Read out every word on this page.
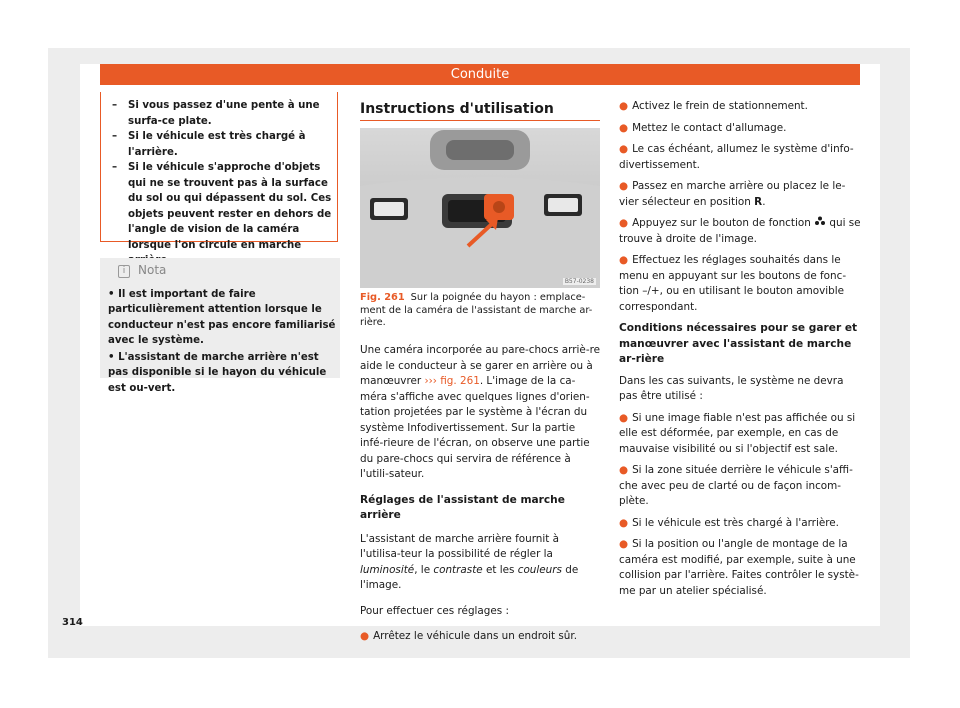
Conduite
– Si vous passez d'une pente à une surfa-ce plate.
– Si le véhicule est très chargé à l'arrière.
– Si le véhicule s'approche d'objets qui ne se trouvent pas à la surface du sol ou qui dépassent du sol. Ces objets peuvent rester en dehors de l'angle de vision de la caméra lorsque l'on circule en marche
i Nota
• Il est important de faire particulièrement attention lorsque le conducteur n'est pas encore familiarisé avec le système.
• L'assistant de marche arrière n'est pas disponible si le hayon du véhicule est ou-vert.
Instructions d'utilisation
B57-0238
Fig. 261 Sur la poignée du hayon : emplace-ment de la caméra de l'assistant de marche ar-rière.

Une caméra incorporée au pare-chocs arriè-re aide le conducteur à se garer en arrière ou à manœuvrer ››› fig. 261. L'image de la ca-méra s'affiche avec quelques lignes d'orien-tation projetées par le système à l'écran du système Infodivertissement. Sur la partie infé-rieure de l'écran, on observe une partie du pare-chocs qui servira de référence à l'utili-sateur.

Réglages de l'assistant de marche arrière

L'assistant de marche arrière fournit à l'utilisa-teur la possibilité de régler la luminosité, le contraste et les couleurs de l'image.

Pour effectuer ces réglages :

● Arrêtez le véhicule dans un endroit sûr.

● Activez le frein de stationnement.

● Mettez le contact d'allumage.

● Le cas échéant, allumez le système d'info-divertissement.

● Passez en marche arrière ou placez le le-vier sélecteur en position R.

● Appuyez sur le bouton de fonction  qui se trouve à droite de l'image.

● Effectuez les réglages souhaités dans le menu en appuyant sur les boutons de fonc-tion –/+, ou en utilisant le bouton amovible correspondant.

Conditions nécessaires pour se garer et manœuvrer avec l'assistant de marche ar-rière

Dans les cas suivants, le système ne devra pas être utilisé :

● Si une image fiable n'est pas affichée ou si elle est déformée, par exemple, en cas de mauvaise visibilité ou si l'objectif est sale.

● Si la zone située derrière le véhicule s'affi-che avec peu de clarté ou de façon incom-plète.

● Si le véhicule est très chargé à l'arrière.

● Si la position ou l'angle de montage de la caméra est modifié, par exemple, suite à une collision par l'arrière. Faites contrôler le systè-me par un atelier spécialisé.

314
